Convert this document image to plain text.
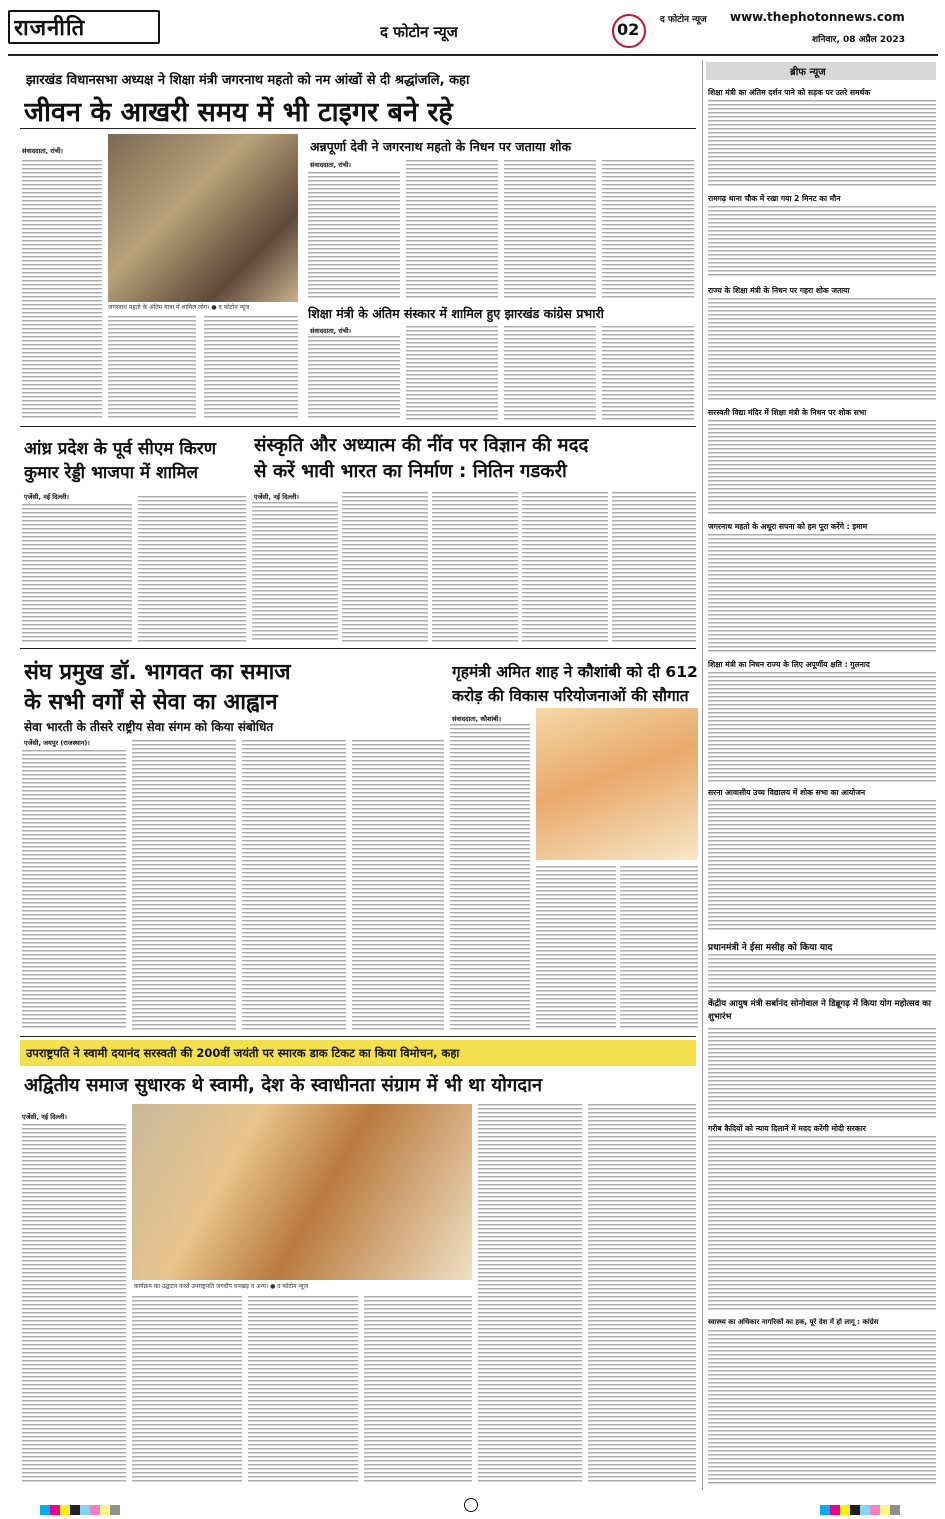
राजनीति	द फोटोन न्यूज	02 द फोटोन न्यूज www.thephotonnews.com
शनिवार, 08 अप्रैल 2023
झारखंड विधानसभा अध्यक्ष ने शिक्षा मंत्री जगरनाथ महतो को नम आंखों से दी श्रद्धांजलि, कहा
जीवन के आखरी समय में भी टाइगर बने रहे
संवाददाता, रांची।
जगरनाथ महतो के अंतिम यात्रा में शामिल लोग। ● द फोटोन न्यूज
अन्नपूर्णा देवी ने जगरनाथ महतो के निधन पर जताया शोक
संवाददाता, रांची।
शिक्षा मंत्री के अंतिम संस्कार में शामिल हुए झारखंड कांग्रेस प्रभारी
संवाददाता, रांची।
आंध्र प्रदेश के पूर्व सीएम किरण
कुमार रेड्डी भाजपा में शामिल
एजेंसी, नई दिल्ली।
संस्कृति और अध्यात्म की नींव पर विज्ञान की मदद
से करें भावी भारत का निर्माण : नितिन गडकरी
एजेंसी, नई दिल्ली।
संघ प्रमुख डॉ. भागवत का समाज
के सभी वर्गों से सेवा का आह्वान
सेवा भारती के तीसरे राष्ट्रीय सेवा संगम को किया संबोधित
एजेंसी, जयपुर (राजस्थान)।
गृहमंत्री अमित शाह ने कौशांबी को दी 612
करोड़ की विकास परियोजनाओं की सौगात
संवाददाता, कौशांबी।
उपराष्ट्रपति ने स्वामी दयानंद सरस्वती की 200वीं जयंती पर स्मारक डाक टिकट का किया विमोचन, कहा
अद्वितीय समाज सुधारक थे स्वामी, देश के स्वाधीनता संग्राम में भी था योगदान
एजेंसी, नई दिल्ली।
कार्यक्रम का उद्घाटन करते उपराष्ट्रपति जगदीप धनखड़ व अन्य। ● द फोटोन न्यूज
ब्रीफ न्यूज
शिक्षा मंत्री का अंतिम दर्शन पाने को सड़क पर उतरे समर्थक
रामगढ़ थाना चौक में रखा गया 2 मिनट का मौन
राज्य के शिक्षा मंत्री के निधन पर गहरा शोक जताया
सरस्वती विद्या मंदिर में शिक्षा मंत्री के निधन पर शोक सभा
जगरनाथ महतो के अधूरा सपना को हम पूरा करेंगे : इमाम
शिक्षा मंत्री का निधन राज्य के लिए अपूर्णीय क्षति : गुलनाद
सरना आवासीय उच्च विद्यालय में शोक सभा का आयोजन
प्रधानमंत्री ने ईसा मसीह को किया याद
केंद्रीय आयुष मंत्री सर्बानंद सोनोवाल ने डिब्रूगढ़ में किया योग महोत्सव का शुभारंभ
गरीब कैदियों को न्याय दिलाने में मदद करेंगी मोदी सरकार
स्वास्थ्य का अधिकार नागरिकों का हक, पूरे देश में हो लागू : कांग्रेस
